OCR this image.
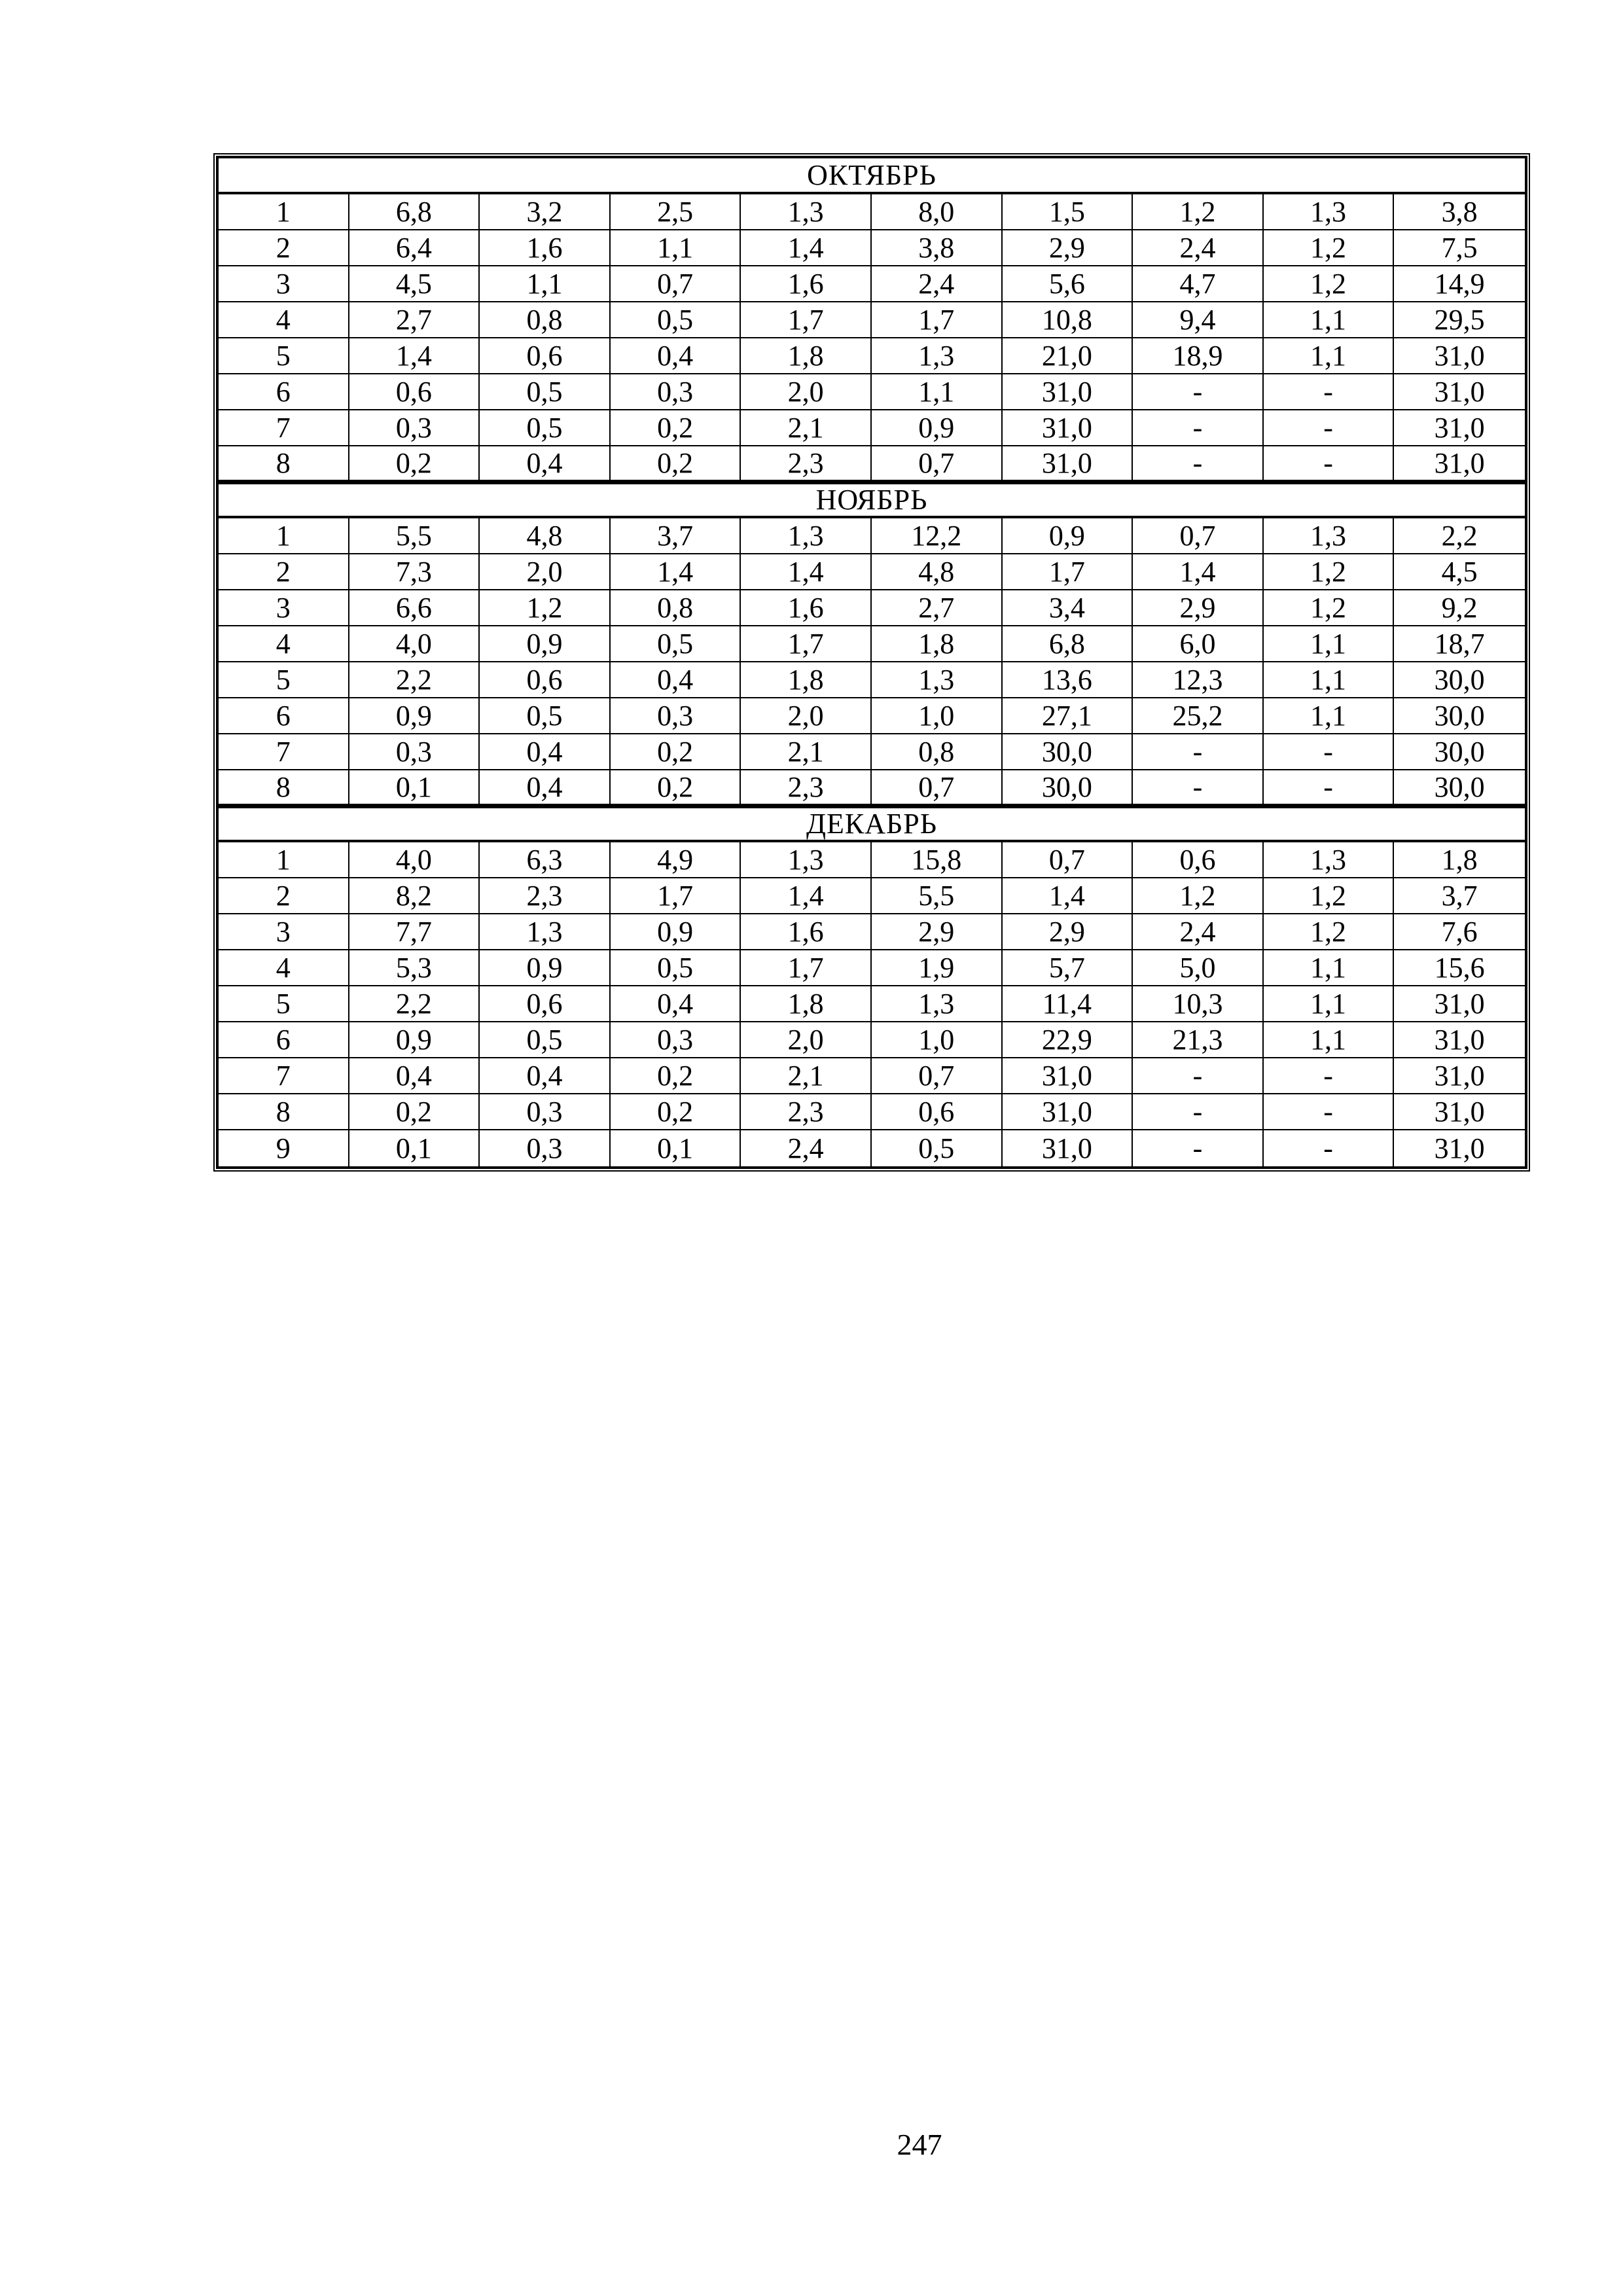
ОКТЯБРЬ									
1	6,8	3,2	2,5	1,3	8,0	1,5	1,2	1,3	3,8
2	6,4	1,6	1,1	1,4	3,8	2,9	2,4	1,2	7,5
3	4,5	1,1	0,7	1,6	2,4	5,6	4,7	1,2	14,9
4	2,7	0,8	0,5	1,7	1,7	10,8	9,4	1,1	29,5
5	1,4	0,6	0,4	1,8	1,3	21,0	18,9	1,1	31,0
6	0,6	0,5	0,3	2,0	1,1	31,0	-	-	31,0
7	0,3	0,5	0,2	2,1	0,9	31,0	-	-	31,0
8	0,2	0,4	0,2	2,3	0,7	31,0	-	-	31,0
НОЯБРЬ									
1	5,5	4,8	3,7	1,3	12,2	0,9	0,7	1,3	2,2
2	7,3	2,0	1,4	1,4	4,8	1,7	1,4	1,2	4,5
3	6,6	1,2	0,8	1,6	2,7	3,4	2,9	1,2	9,2
4	4,0	0,9	0,5	1,7	1,8	6,8	6,0	1,1	18,7
5	2,2	0,6	0,4	1,8	1,3	13,6	12,3	1,1	30,0
6	0,9	0,5	0,3	2,0	1,0	27,1	25,2	1,1	30,0
7	0,3	0,4	0,2	2,1	0,8	30,0	-	-	30,0
8	0,1	0,4	0,2	2,3	0,7	30,0	-	-	30,0
ДЕКАБРЬ									
1	4,0	6,3	4,9	1,3	15,8	0,7	0,6	1,3	1,8
2	8,2	2,3	1,7	1,4	5,5	1,4	1,2	1,2	3,7
3	7,7	1,3	0,9	1,6	2,9	2,9	2,4	1,2	7,6
4	5,3	0,9	0,5	1,7	1,9	5,7	5,0	1,1	15,6
5	2,2	0,6	0,4	1,8	1,3	11,4	10,3	1,1	31,0
6	0,9	0,5	0,3	2,0	1,0	22,9	21,3	1,1	31,0
7	0,4	0,4	0,2	2,1	0,7	31,0	-	-	31,0
8	0,2	0,3	0,2	2,3	0,6	31,0	-	-	31,0
9	0,1	0,3	0,1	2,4	0,5	31,0	-	-	31,0
247
